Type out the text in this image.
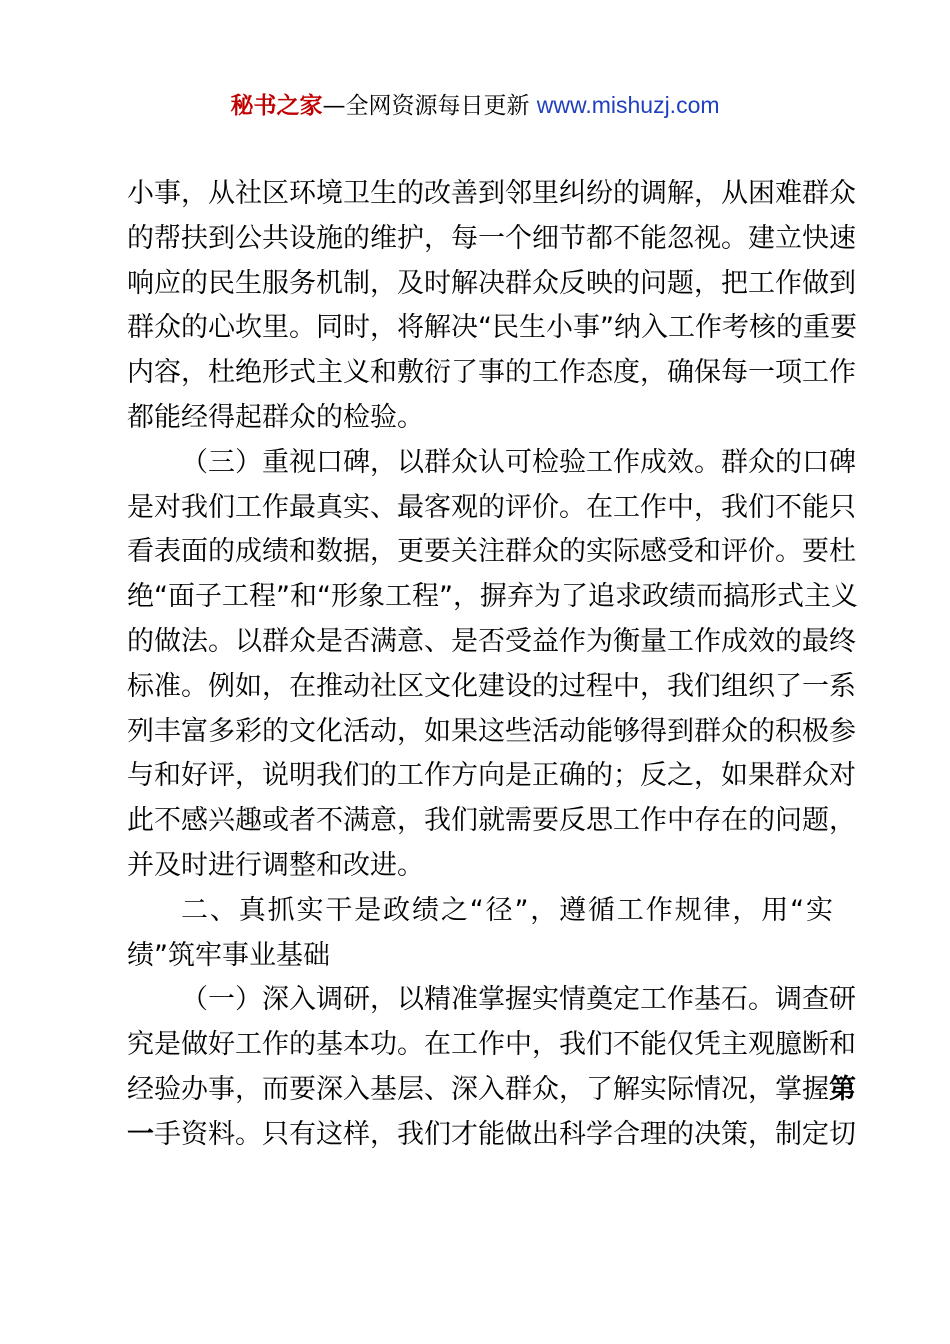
秘书之家—全网资源每日更新 www.mishuzj.com
小事，从社区环境卫生的改善到邻里纠纷的调解，从困难群众
的帮扶到公共设施的维护，每一个细节都不能忽视。建立快速
响应的民生服务机制，及时解决群众反映的问题，把工作做到
群众的心坎里。同时，将解决“民生小事”纳入工作考核的重要
内容，杜绝形式主义和敷衍了事的工作态度，确保每一项工作
都能经得起群众的检验。
（三）重视口碑，以群众认可检验工作成效。群众的口碑
是对我们工作最真实、最客观的评价。在工作中，我们不能只
看表面的成绩和数据，更要关注群众的实际感受和评价。要杜
绝“面子工程”和“形象工程”，摒弃为了追求政绩而搞形式主义
的做法。以群众是否满意、是否受益作为衡量工作成效的最终
标准。例如，在推动社区文化建设的过程中，我们组织了一系
列丰富多彩的文化活动，如果这些活动能够得到群众的积极参
与和好评，说明我们的工作方向是正确的；反之，如果群众对
此不感兴趣或者不满意，我们就需要反思工作中存在的问题，
并及时进行调整和改进。
二、真抓实干是政绩之“径”，遵循工作规律，用“实
绩”筑牢事业基础
（一）深入调研，以精准掌握实情奠定工作基石。调查研
究是做好工作的基本功。在工作中，我们不能仅凭主观臆断和
经验办事，而要深入基层、深入群众，了解实际情况，掌握第
一手资料。只有这样，我们才能做出科学合理的决策，制定切
